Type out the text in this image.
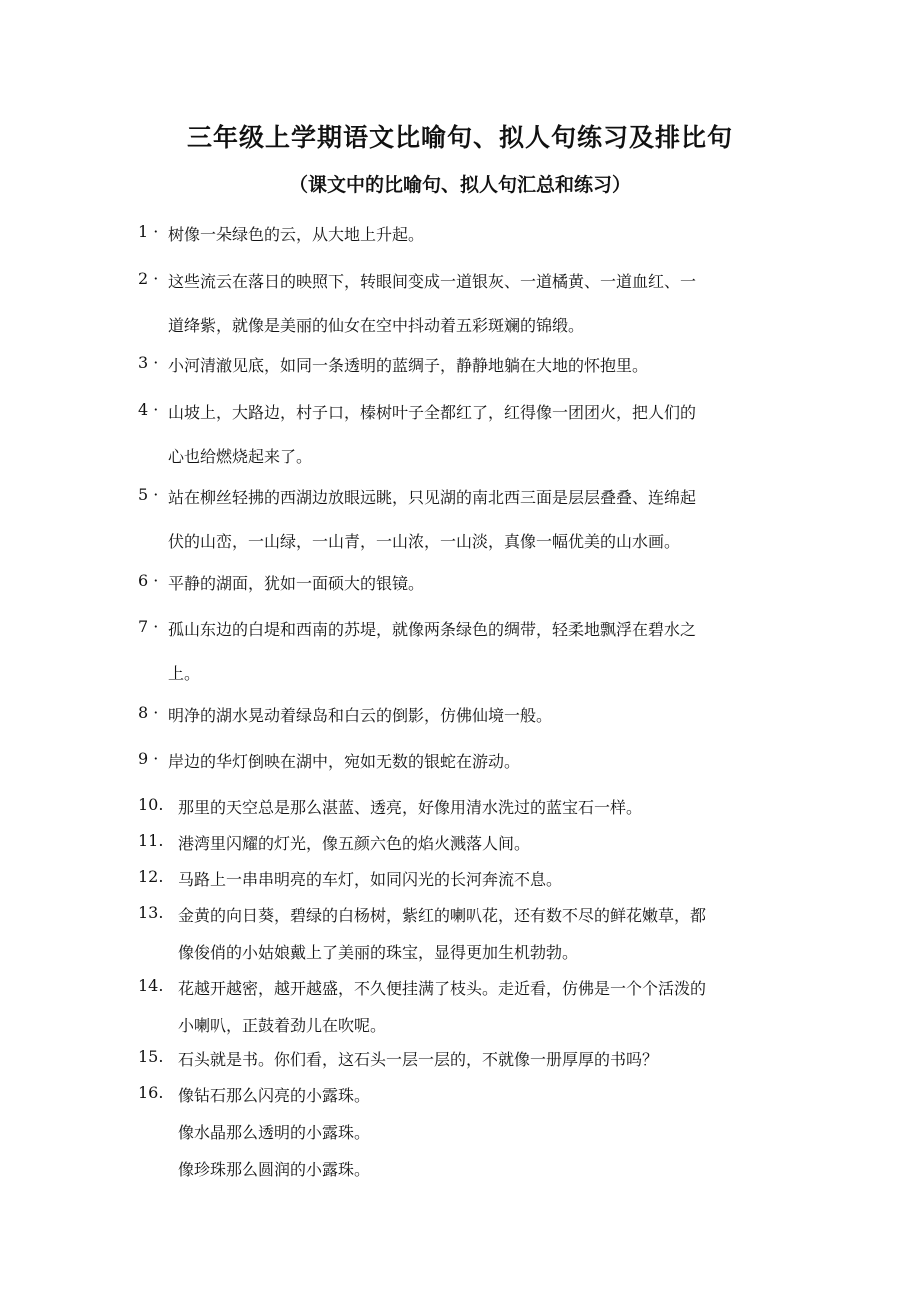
三年级上学期语文比喻句、拟人句练习及排比句
（课文中的比喻句、拟人句汇总和练习）
1 · 树像一朵绿色的云，从大地上升起。
2 · 这些流云在落日的映照下，转眼间变成一道银灰、一道橘黄、一道血红、一
道绛紫，就像是美丽的仙女在空中抖动着五彩斑斓的锦缎。
3 · 小河清澈见底，如同一条透明的蓝绸子，静静地躺在大地的怀抱里。
4 · 山坡上，大路边，村子口，榛树叶子全都红了，红得像一团团火，把人们的
心也给燃烧起来了。
5 · 站在柳丝轻拂的西湖边放眼远眺，只见湖的南北西三面是层层叠叠、连绵起
伏的山峦，一山绿，一山青，一山浓，一山淡，真像一幅优美的山水画。
6 · 平静的湖面，犹如一面硕大的银镜。
7 · 孤山东边的白堤和西南的苏堤，就像两条绿色的绸带，轻柔地飘浮在碧水之
上。
8 · 明净的湖水晃动着绿岛和白云的倒影，仿佛仙境一般。
9 · 岸边的华灯倒映在湖中，宛如无数的银蛇在游动。
10. 那里的天空总是那么湛蓝、透亮，好像用清水洗过的蓝宝石一样。
11. 港湾里闪耀的灯光，像五颜六色的焰火溅落人间。
12. 马路上一串串明亮的车灯，如同闪光的长河奔流不息。
13. 金黄的向日葵，碧绿的白杨树，紫红的喇叭花，还有数不尽的鲜花嫩草，都
像俊俏的小姑娘戴上了美丽的珠宝，显得更加生机勃勃。
14. 花越开越密，越开越盛，不久便挂满了枝头。走近看，仿佛是一个个活泼的
小喇叭，正鼓着劲儿在吹呢。
15. 石头就是书。你们看，这石头一层一层的，不就像一册厚厚的书吗？
16. 像钻石那么闪亮的小露珠。
像水晶那么透明的小露珠。
像珍珠那么圆润的小露珠。
